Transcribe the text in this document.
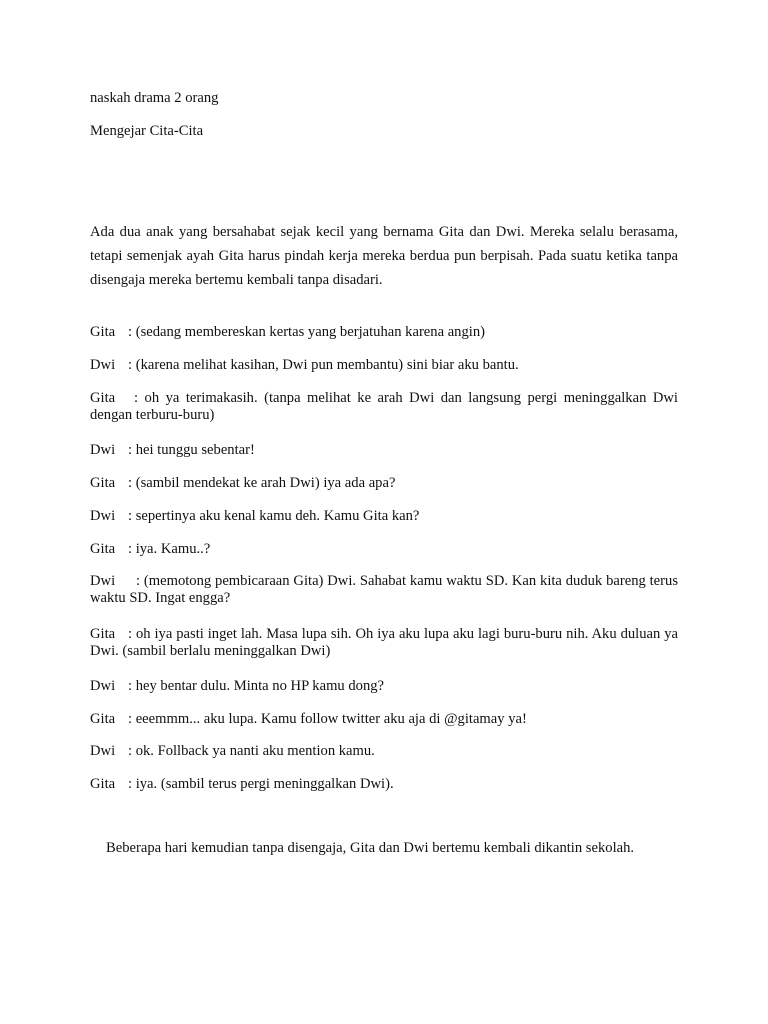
naskah drama 2 orang

Mengejar Cita-Cita

Ada dua anak yang bersahabat sejak kecil yang bernama Gita dan Dwi. Mereka selalu berasama, tetapi semenjak ayah Gita harus pindah kerja mereka berdua pun berpisah. Pada suatu ketika tanpa disengaja mereka bertemu kembali tanpa disadari.

Gita : (sedang membereskan kertas yang berjatuhan karena angin)

Dwi : (karena melihat kasihan, Dwi pun membantu) sini biar aku bantu.

Gita : oh ya terimakasih. (tanpa melihat ke arah Dwi dan langsung pergi meninggalkan Dwi dengan terburu-buru)

Dwi : hei tunggu sebentar!

Gita : (sambil mendekat ke arah Dwi) iya ada apa?

Dwi : sepertinya aku kenal kamu deh. Kamu Gita kan?

Gita : iya. Kamu..?

Dwi : (memotong pembicaraan Gita) Dwi. Sahabat kamu waktu SD. Kan kita duduk bareng terus waktu SD. Ingat engga?
Gita : oh iya pasti inget lah. Masa lupa sih. Oh iya aku lupa aku lagi buru-buru nih. Aku duluan ya Dwi. (sambil berlalu meninggalkan Dwi)

Dwi : hey bentar dulu. Minta no HP kamu dong?

Gita : eeemmm... aku lupa. Kamu follow twitter aku aja di @gitamay ya!

Dwi : ok. Follback ya nanti aku mention kamu.

Gita : iya. (sambil terus pergi meninggalkan Dwi).

Beberapa hari kemudian tanpa disengaja, Gita dan Dwi bertemu kembali dikantin sekolah.
